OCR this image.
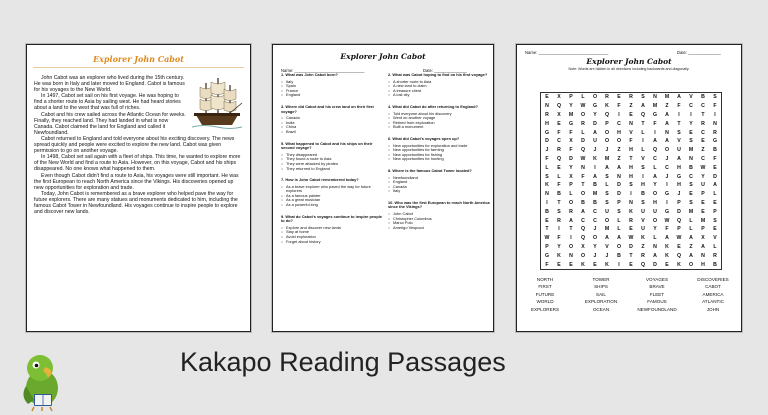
Explorer John Cabot

John Cabot was an explorer who lived during the 15th century. He was born in Italy and later moved to England. Cabot is famous for his voyages to the New World.

In 1497, Cabot set sail on his first voyage. He was hoping to find a shorter route to Asia by sailing west. He had heard stories about a land to the west that was full of riches.

Cabot and his crew sailed across the Atlantic Ocean for weeks. Finally, they reached land. They had landed in what is now Canada. Cabot claimed the land for England and called it Newfoundland.

Cabot returned to England and told everyone about his exciting discovery. The news spread quickly and people were excited to explore the new land. Cabot was given permission to go on another voyage.

In 1498, Cabot set sail again with a fleet of ships. This time, he wanted to explore more of the New World and find a route to Asia. However, on this voyage, Cabot and his ships disappeared. No one knows what happened to them.

Even though Cabot didn't find a route to Asia, his voyages were still important. He was the first European to reach North America since the Vikings. His discoveries opened up new opportunities for exploration and trade.

Today, John Cabot is remembered as a brave explorer who helped pave the way for future explorers. There are many statues and monuments dedicated to him, including the famous Cabot Tower in Newfoundland. His voyages continue to inspire people to explore and discover new lands.

Explorer John Cabot
Name: ______________________________	Date: ______________
1. What was John Cabot born?
○ Italy
○ Spain
○ France
○ England
3. Where did Cabot and his crew land on their first voyage?
○ Canada
○ India
○ China
○ Brazil
5. What happened to Cabot and his ships on their second voyage?
○ They disappeared
○ They found a route to Asia
○ They were attacked by pirates
○ They returned to England
7. How is John Cabot remembered today?
○ As a brave explorer who paved the way for future explorers
○ As a famous painter
○ As a great musician
○ As a powerful king
9. What do Cabot's voyages continue to inspire people to do?
○ Explore and discover new lands
○ Stay at home
○ Avoid exploration
○ Forget about history
2. What was Cabot hoping to find on his first voyage?
○ A shorter route to Asia
○ A new land to claim
○ A treasure chest
○ A lost city
4. What did Cabot do after returning to England?
○ Told everyone about his discovery
○ Went on another voyage
○ Retired from exploration
○ Built a monument
6. What did Cabot's voyages open up?
○ New opportunities for exploration and trade
○ New opportunities for farming
○ New opportunities for fishing
○ New opportunities for hunting
8. Where is the famous Cabot Tower located?
○ Newfoundland
○ England
○ Canada
○ Italy
10. Who was the first European to reach North America since the Vikings?
○ John Cabot
○ Christopher Columbus
○ Marco Polo
○ Amerigo Vespucci
Name: ______________________________	Date: ______________
Explorer John Cabot
Note: Words are hidden in all directions including backwards and diagonally.
E	X	P	L	O	R	E	R	S	N	M	A	V	B	S
N	Q	Y	W	G	K	F	Z	A	M	Z	F	C	C	F
R	X	M	O	Y	Q	I	E	Q	G	A	I	I	T	I
H	E	G	R	D	P	C	N	T	F	A	T	Y	R	N
G	F	F	L	A	O	H	V	L	I	N	S	E	C	R
D	C	X	D	U	O	O	F	I	A	A	V	S	E	G
J	R	F	Q	J	J	Z	H	L	Q	O	U	M	Z	B
F	Q	D	W	K	M	Z	T	V	C	J	A	N	C	F
L	E	Y	N	I	A	A	H	S	L	C	H	B	W	E
S	L	X	F	A	S	N	H	I	A	J	G	C	Y	D
K	F	P	T	B	L	D	S	H	Y	I	H	S	U	A
N	B	L	O	M	S	D	I	B	O	G	J	E	P	L
I	T	O	B	B	S	P	N	S	H	I	P	S	E	E
B	S	R	A	C	U	S	K	U	U	G	D	M	E	P
E	R	A	C	C	O	L	R	V	O	W	Q	L	M	S
T	I	T	Q	J	M	L	E	U	Y	F	P	L	P	E
W	F	I	Q	O	A	A	W	K	L	A	W	A	X	V
P	Y	O	X	Y	V	O	D	Z	N	K	E	Z	A	L
G	K	N	O	J	J	B	T	R	A	K	Q	A	N	R
F	E	E	K	E	K	I	E	Q	D	E	K	O	H	B
NORTH
FIRST
FUTURE
WORLD
EXPLORERS
TOWER
SHIPS
SAIL
EXPLORATION
OCEAN
VOYAGES
BRAVE
FLEET
FAMOUS
NEWFOUNDLAND
DISCOVERIES
CABOT
AMERICA
ATLANTIC
JOHN
Kakapo Reading Passages
